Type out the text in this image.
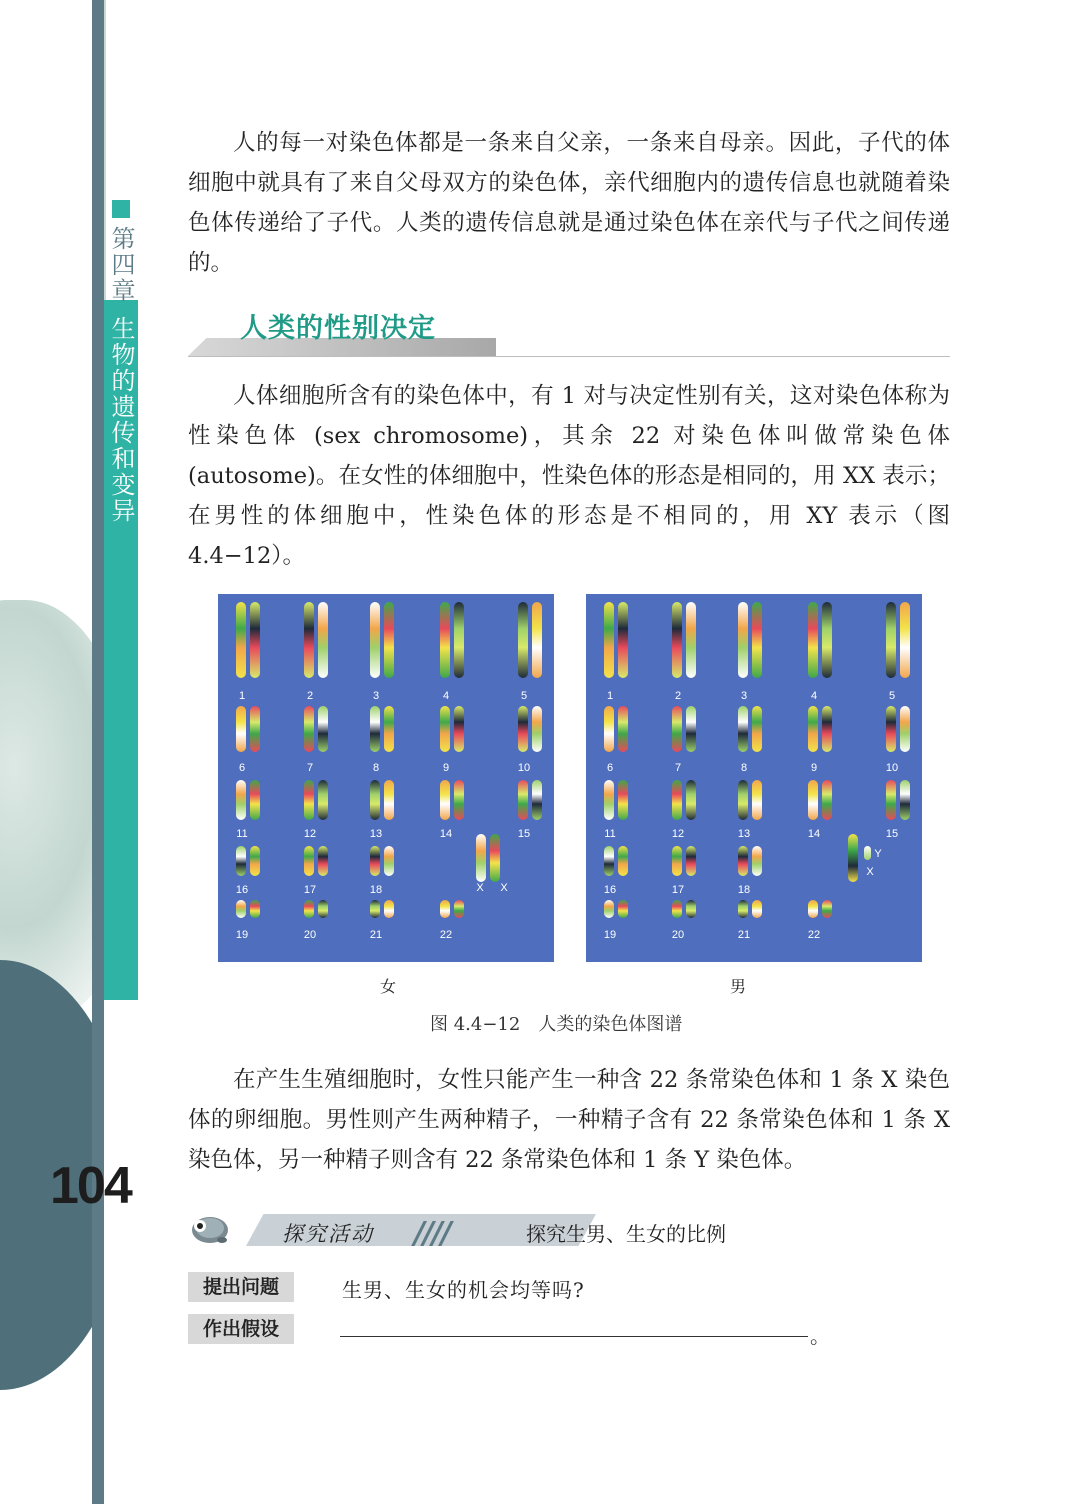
第四章
生物的遗传和变异
104
人的每一对染色体都是一条来自父亲，一条来自母亲。因此，子代的体细胞中就具有了来自父母双方的染色体，亲代细胞内的遗传信息也就随着染色体传递给了子代。人类的遗传信息就是通过染色体在亲代与子代之间传递的。
人类的性别决定
人体细胞所含有的染色体中，有 1 对与决定性别有关，这对染色体称为性染色体 (sex chromosome)，其余 22 对染色体叫做常染色体 (autosome)。在女性的体细胞中，性染色体的形态是相同的，用 XX 表示；在男性的体细胞中，性染色体的形态是不相同的，用 XY 表示（图 4.4−12）。
1	2	3	4	5
6	7	8	9	10
11	12	13	14	15
16	17	18
19	20	21	22
X	X
1	2	3	4	5
6	7	8	9	10
11	12	13	14	15
16	17	18
19	20	21	22
Y
X
女	男
图 4.4−12　人类的染色体图谱
在产生生殖细胞时，女性只能产生一种含 22 条常染色体和 1 条 X 染色体的卵细胞。男性则产生两种精子，一种精子含有 22 条常染色体和 1 条 X 染色体，另一种精子则含有 22 条常染色体和 1 条 Y 染色体。
探究活动 ////	探究生男、生女的比例
提出问题	生男、生女的机会均等吗?
作出假设	。
